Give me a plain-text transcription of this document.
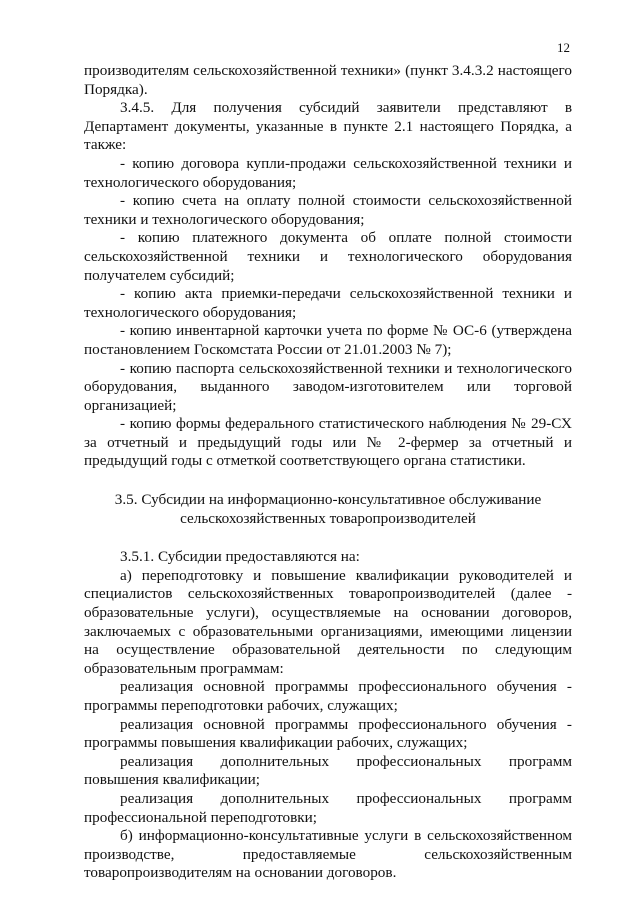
12

производителям сельскохозяйственной техники» (пункт 3.4.3.2 настоящего Порядка).

3.4.5. Для получения субсидий заявители представляют в Департамент документы, указанные в пункте 2.1 настоящего Порядка, а также:

- копию договора купли-продажи сельскохозяйственной техники и технологического оборудования;

- копию счета на оплату полной стоимости сельскохозяйственной техники и технологического оборудования;

- копию платежного документа об оплате полной стоимости сельскохозяйственной техники и технологического оборудования получателем субсидий;

- копию акта приемки-передачи сельскохозяйственной техники и технологического оборудования;

- копию инвентарной карточки учета по форме № ОС-6 (утверждена постановлением Госкомстата России от 21.01.2003 № 7);

- копию паспорта сельскохозяйственной техники и технологического оборудования, выданного заводом-изготовителем или торговой организацией;

- копию формы федерального статистического наблюдения № 29-СХ за отчетный и предыдущий годы или № 2-фермер за отчетный и предыдущий годы с отметкой соответствующего органа статистики.

3.5. Субсидии на информационно-консультативное обслуживание сельскохозяйственных товаропроизводителей

3.5.1. Субсидии предоставляются на:

а) переподготовку и повышение квалификации руководителей и специалистов сельскохозяйственных товаропроизводителей (далее - образовательные услуги), осуществляемые на основании договоров, заключаемых с образовательными организациями, имеющими лицензии на осуществление образовательной деятельности по следующим образовательным программам:

реализация основной программы профессионального обучения - программы переподготовки рабочих, служащих;

реализация основной программы профессионального обучения - программы повышения квалификации рабочих, служащих;

реализация дополнительных профессиональных программ повышения квалификации;

реализация дополнительных профессиональных программ профессиональной переподготовки;

б) информационно-консультативные услуги в сельскохозяйственном производстве, предоставляемые сельскохозяйственным товаропроизводителям на основании договоров.
